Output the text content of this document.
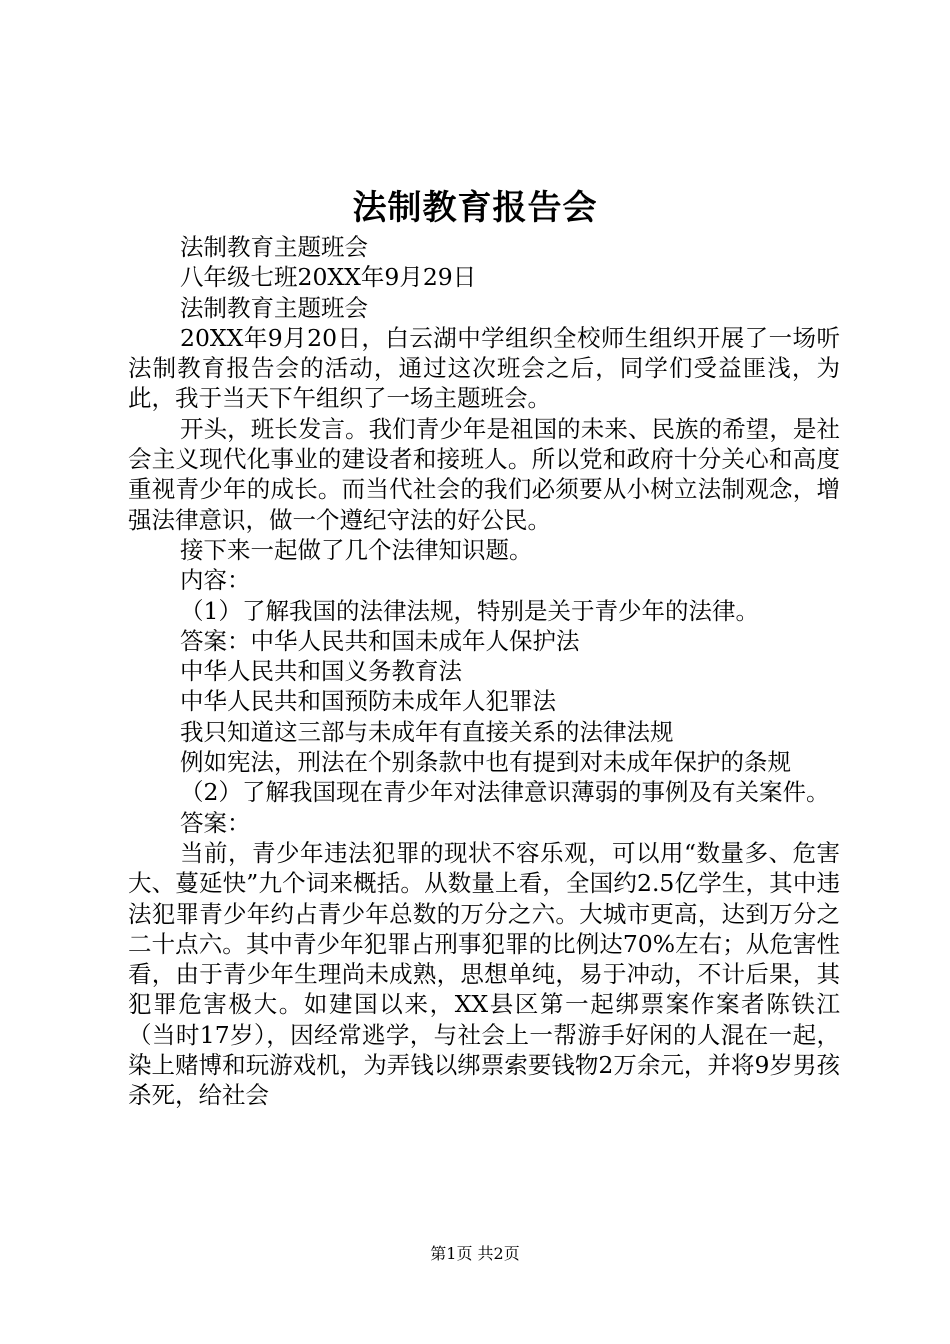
法制教育报告会

法制教育主题班会

八年级七班20XX年9月29日

法制教育主题班会

20XX年9月20日，白云湖中学组织全校师生组织开展了一场听法制教育报告会的活动，通过这次班会之后，同学们受益匪浅，为此，我于当天下午组织了一场主题班会。

开头，班长发言。我们青少年是祖国的未来、民族的希望，是社会主义现代化事业的建设者和接班人。所以党和政府十分关心和高度重视青少年的成长。而当代社会的我们必须要从小树立法制观念，增强法律意识，做一个遵纪守法的好公民。

接下来一起做了几个法律知识题。

内容：

（1）了解我国的法律法规，特别是关于青少年的法律。

答案：中华人民共和国未成年人保护法

中华人民共和国义务教育法

中华人民共和国预防未成年人犯罪法

我只知道这三部与未成年有直接关系的法律法规

例如宪法，刑法在个别条款中也有提到对未成年保护的条规

（2）了解我国现在青少年对法律意识薄弱的事例及有关案件。

答案：

当前，青少年违法犯罪的现状不容乐观，可以用“数量多、危害大、蔓延快”九个词来概括。从数量上看，全国约2.5亿学生，其中违法犯罪青少年约占青少年总数的万分之六。大城市更高，达到万分之二十点六。其中青少年犯罪占刑事犯罪的比例达70%左右；从危害性看，由于青少年生理尚未成熟，思想单纯，易于冲动，不计后果，其犯罪危害极大。如建国以来，XX县区第一起绑票案作案者陈铁江（当时17岁），因经常逃学，与社会上一帮游手好闲的人混在一起，染上赌博和玩游戏机，为弄钱以绑票索要钱物2万余元，并将9岁男孩杀死，给社会

第1页 共2页
